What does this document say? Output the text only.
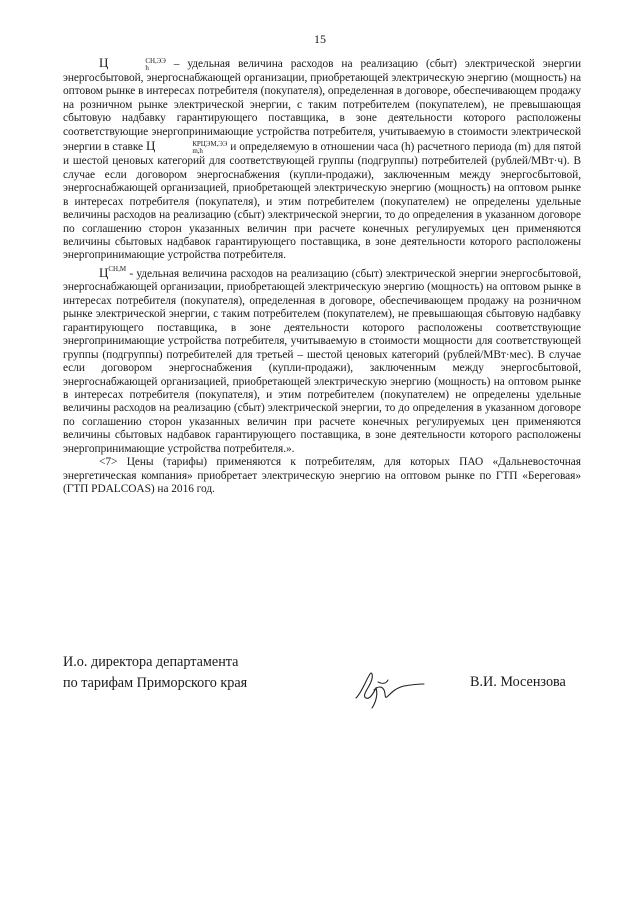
15

Ц	СН,ЭЭ
h	– удельная величина расходов на реализацию (сбыт) электрической энергии энергосбытовой, энергоснабжающей организации, приобретающей электрическую энергию (мощность) на оптовом рынке в интересах потребителя (покупателя), определенная в договоре, обеспечивающем продажу на розничном рынке электрической энергии, с таким потребителем (покупателем), не превышающая сбытовую надбавку гарантирующего поставщика, в зоне деятельности которого расположены соответствующие энергопринимающие устройства потребителя, учитываемую в стоимости электрической энергии в ставке Ц	КРЦЭМ,ЭЭ
m,h	и определяемую в отношении часа (h) расчетного периода (m) для пятой и шестой ценовых категорий для соответствующей группы (подгруппы) потребителей (рублей/МВт·ч). В случае если договором энергоснабжения (купли-продажи), заключенным между энергосбытовой, энергоснабжающей организацией, приобретающей электрическую энергию (мощность) на оптовом рынке в интересах потребителя (покупателя), и этим потребителем (покупателем) не определены удельные величины расходов на реализацию (сбыт) электрической энергии, то до определения в указанном договоре по соглашению сторон указанных величин при расчете конечных регулируемых цен применяются величины сбытовых надбавок гарантирующего поставщика, в зоне деятельности которого расположены энергопринимающие устройства потребителя.

$Ц^{СН,М}$ - удельная величина расходов на реализацию (сбыт) электрической энергии энергосбытовой, энергоснабжающей организации, приобретающей электрическую энергию (мощность) на оптовом рынке в интересах потребителя (покупателя), определенная в договоре, обеспечивающем продажу на розничном рынке электрической энергии, с таким потребителем (покупателем), не превышающая сбытовую надбавку гарантирующего поставщика, в зоне деятельности которого расположены соответствующие энергопринимающие устройства потребителя, учитываемую в стоимости мощности для соответствующей группы (подгруппы) потребителей для третьей – шестой ценовых категорий (рублей/МВт·мес). В случае если договором энергоснабжения (купли-продажи), заключенным между энергосбытовой, энергоснабжающей организацией, приобретающей электрическую энергию (мощность) на оптовом рынке в интересах потребителя (покупателя), и этим потребителем (покупателем) не определены удельные величины расходов на реализацию (сбыт) электрической энергии, то до определения в указанном договоре по соглашению сторон указанных величин при расчете конечных регулируемых цен применяются величины сбытовых надбавок гарантирующего поставщика, в зоне деятельности которого расположены энергопринимающие устройства потребителя.».

<7> Цены (тарифы) применяются к потребителям, для которых ПАО «Дальневосточная энергетическая компания» приобретает электрическую энергию на оптовом рынке по ГТП «Береговая» (ГТП PDALCOAS) на 2016 год.

И.о. директора департамента
по тарифам Приморского края	В.И. Мосензова
